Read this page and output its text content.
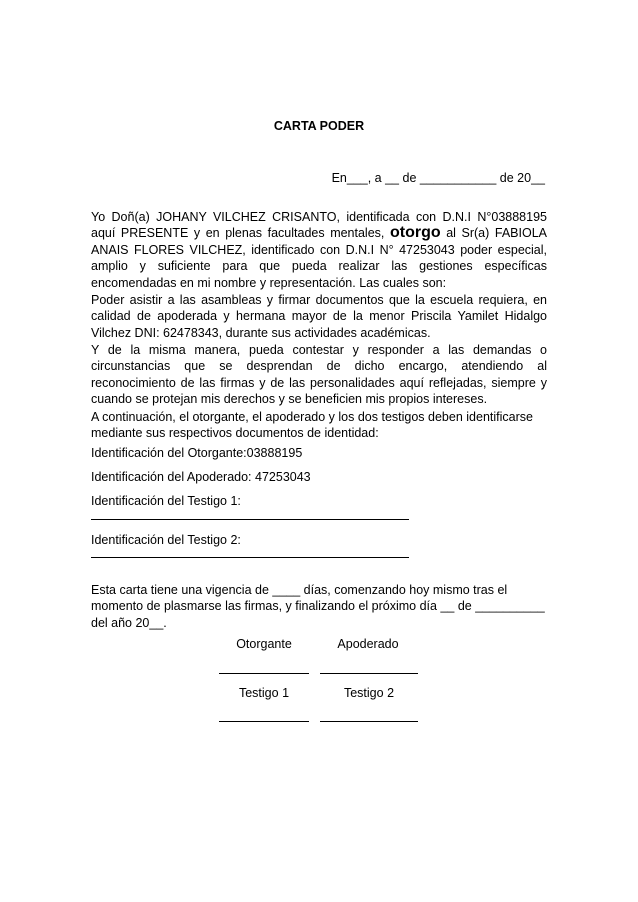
CARTA PODER
En___, a __ de ___________ de 20__
Yo Doñ(a) JOHANY VILCHEZ CRISANTO, identificada con D.N.I N°03888195 aquí PRESENTE y en plenas facultades mentales, otorgo al Sr(a) FABIOLA ANAIS FLORES VILCHEZ, identificado con D.N.I N° 47253043 poder especial, amplio y suficiente para que pueda realizar las gestiones específicas encomendadas en mi nombre y representación. Las cuales son:
Poder asistir a las asambleas y firmar documentos que la escuela requiera, en calidad de apoderada y hermana mayor de la menor Priscila Yamilet Hidalgo Vilchez DNI: 62478343, durante sus actividades académicas.
Y de la misma manera, pueda contestar y responder a las demandas o circunstancias que se desprendan de dicho encargo, atendiendo al reconocimiento de las firmas y de las personalidades aquí reflejadas, siempre y cuando se protejan mis derechos y se beneficien mis propios intereses.
A continuación, el otorgante, el apoderado y los dos testigos deben identificarse mediante sus respectivos documentos de identidad:
Identificación del Otorgante:03888195
Identificación del Apoderado: 47253043
Identificación del Testigo 1:
Identificación del Testigo 2:
Esta carta tiene una vigencia de ____ días, comenzando hoy mismo tras el momento de plasmarse las firmas, y finalizando el próximo día __ de __________ del año 20__.
Otorgante	Apoderado
Testigo 1	Testigo 2
